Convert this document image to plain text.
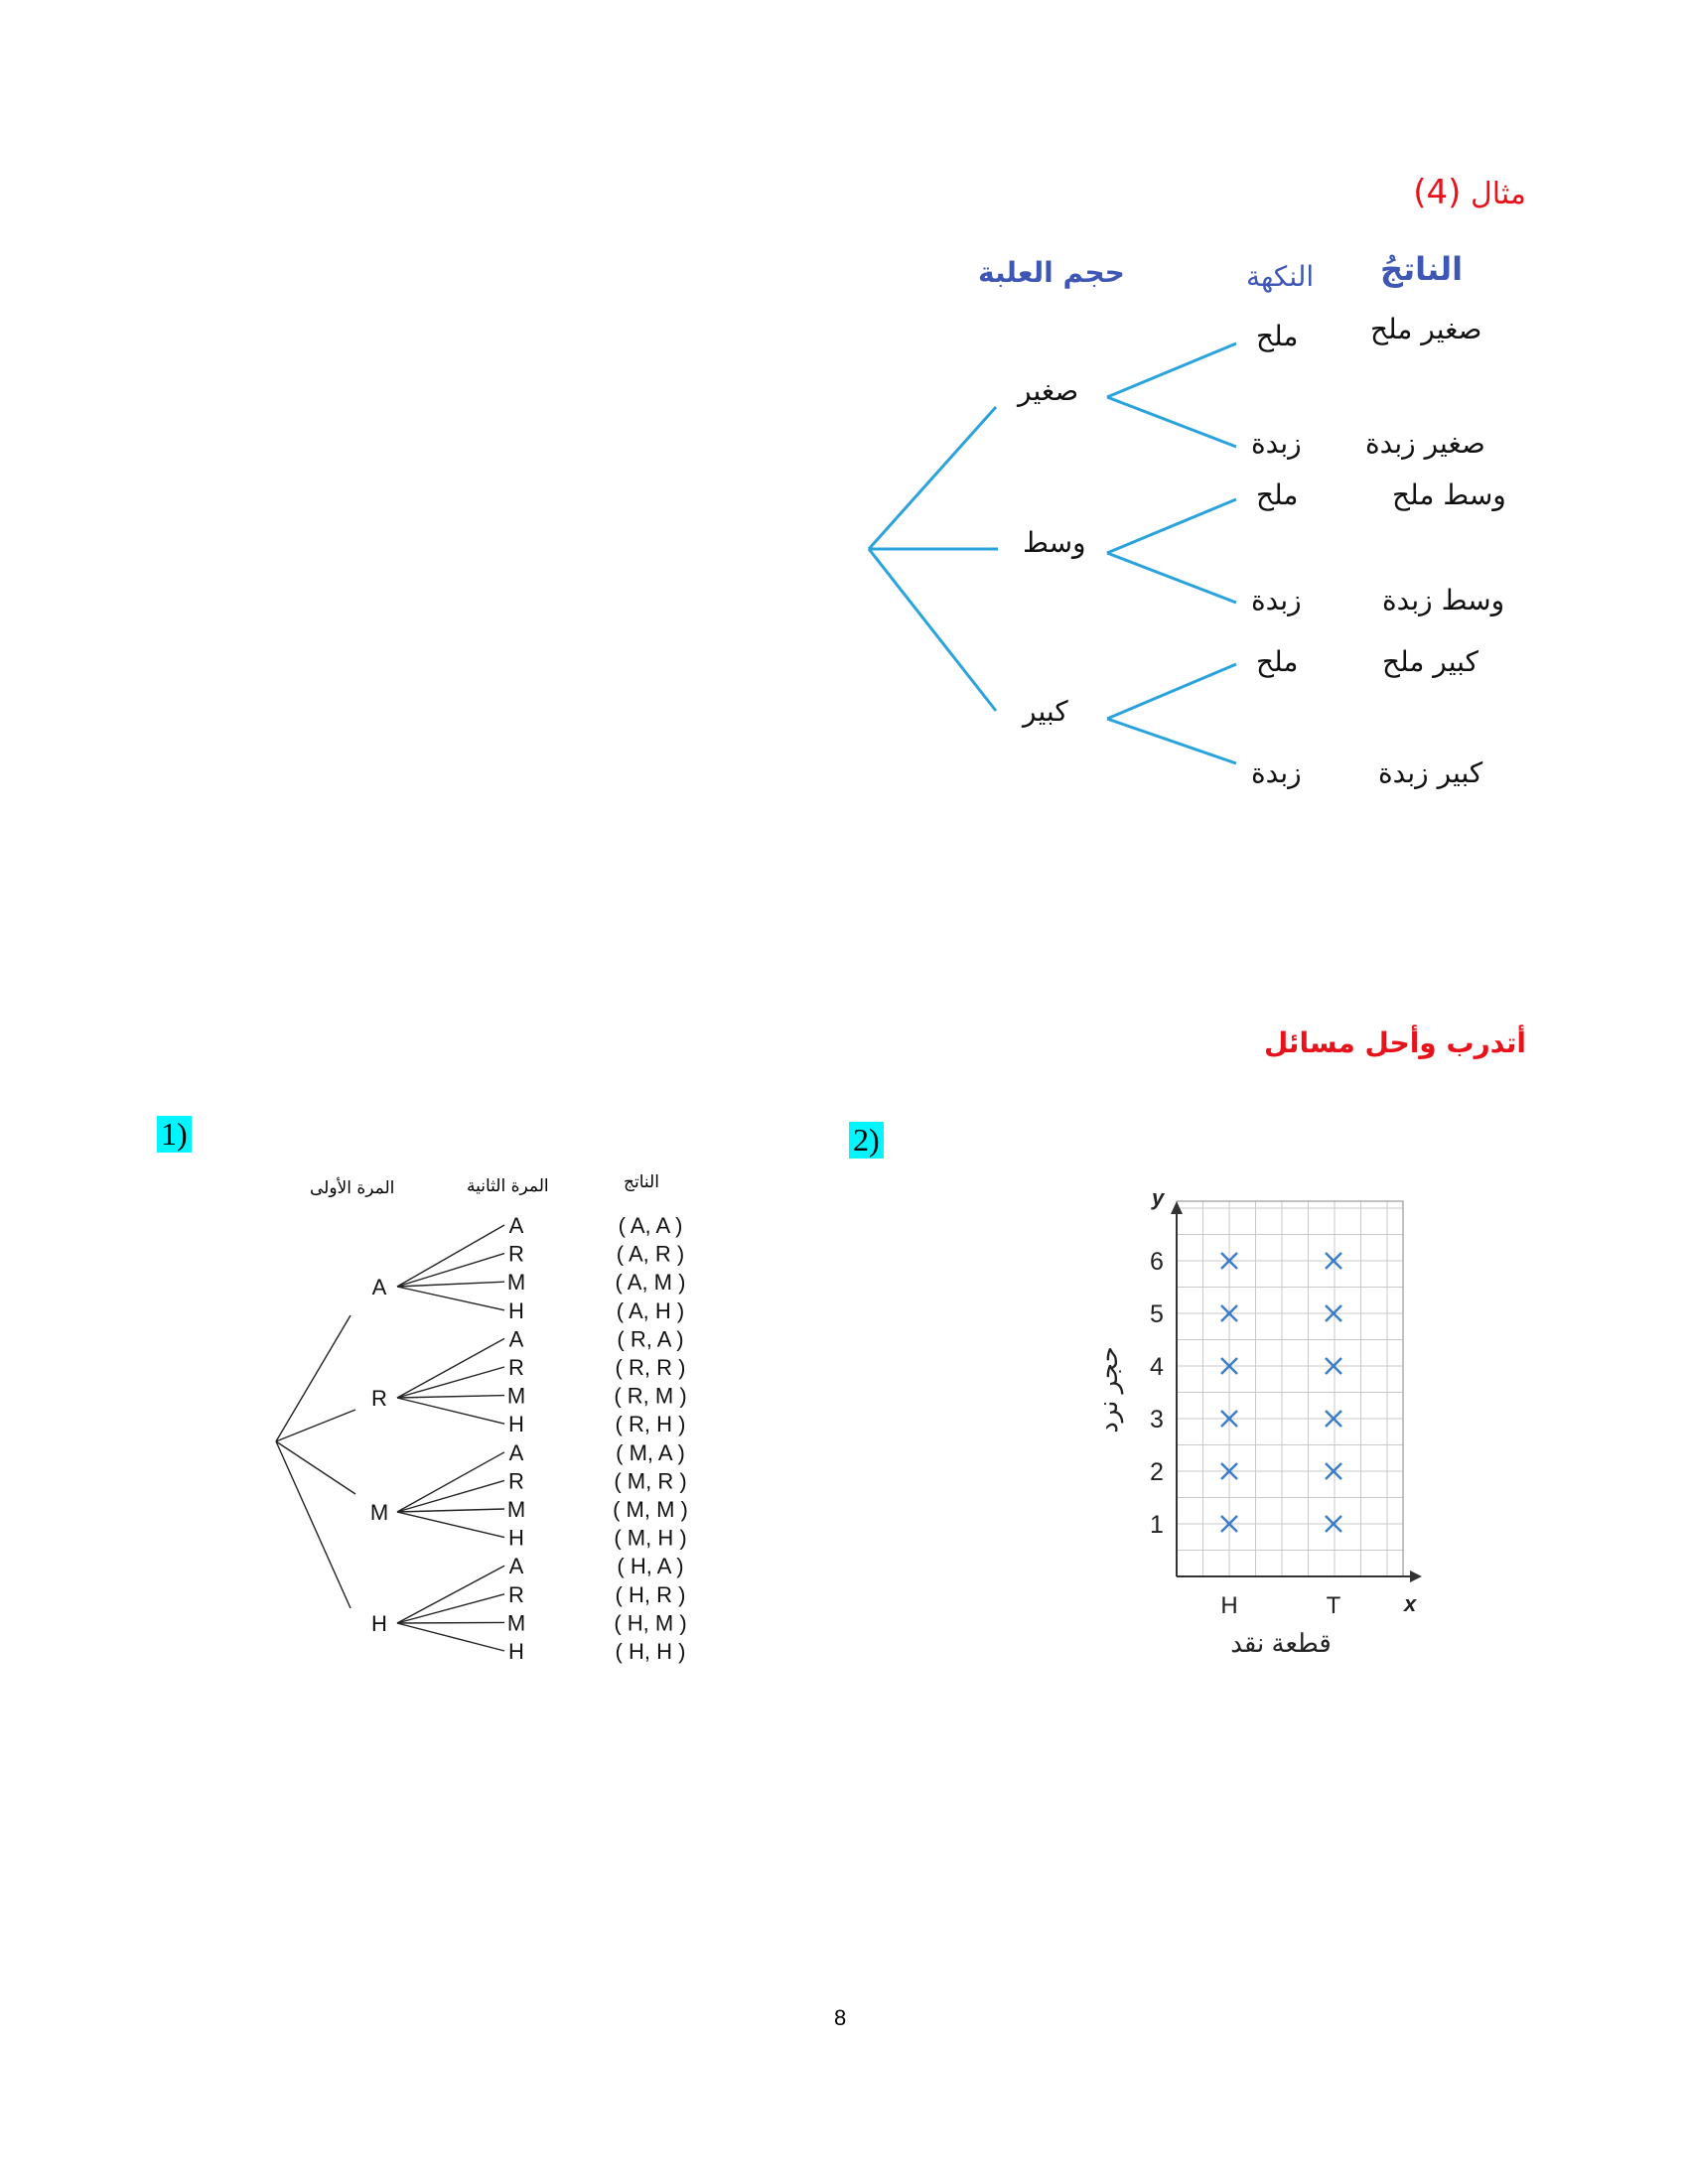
مثال (4)
الناتجُ
النكهة
حجم العلبة
صغير
وسط
كبير
ملح
زبدة
ملح
زبدة
ملح
زبدة
صغير ملح
صغير زبدة
وسط ملح
وسط زبدة
كبير ملح
كبير زبدة
أتدرب وأحل مسائل
1)	2)
المرة الأولى	المرة الثانية	الناتج
A
A	( A, A )
R	( A, R )
M	( A, M )
H	( A, H )
R
A	( R, A )
R	( R, R )
M	( R, M )
H	( R, H )
M
A	( M, A )
R	( M, R )
M	( M, M )
H	( M, H )
H
A	( H, A )
R	( H, R )
M	( H, M )
H	( H, H )
1
2
3
4
5
6
H	T	x
y
قطعة نقد
حجر نرد
8
